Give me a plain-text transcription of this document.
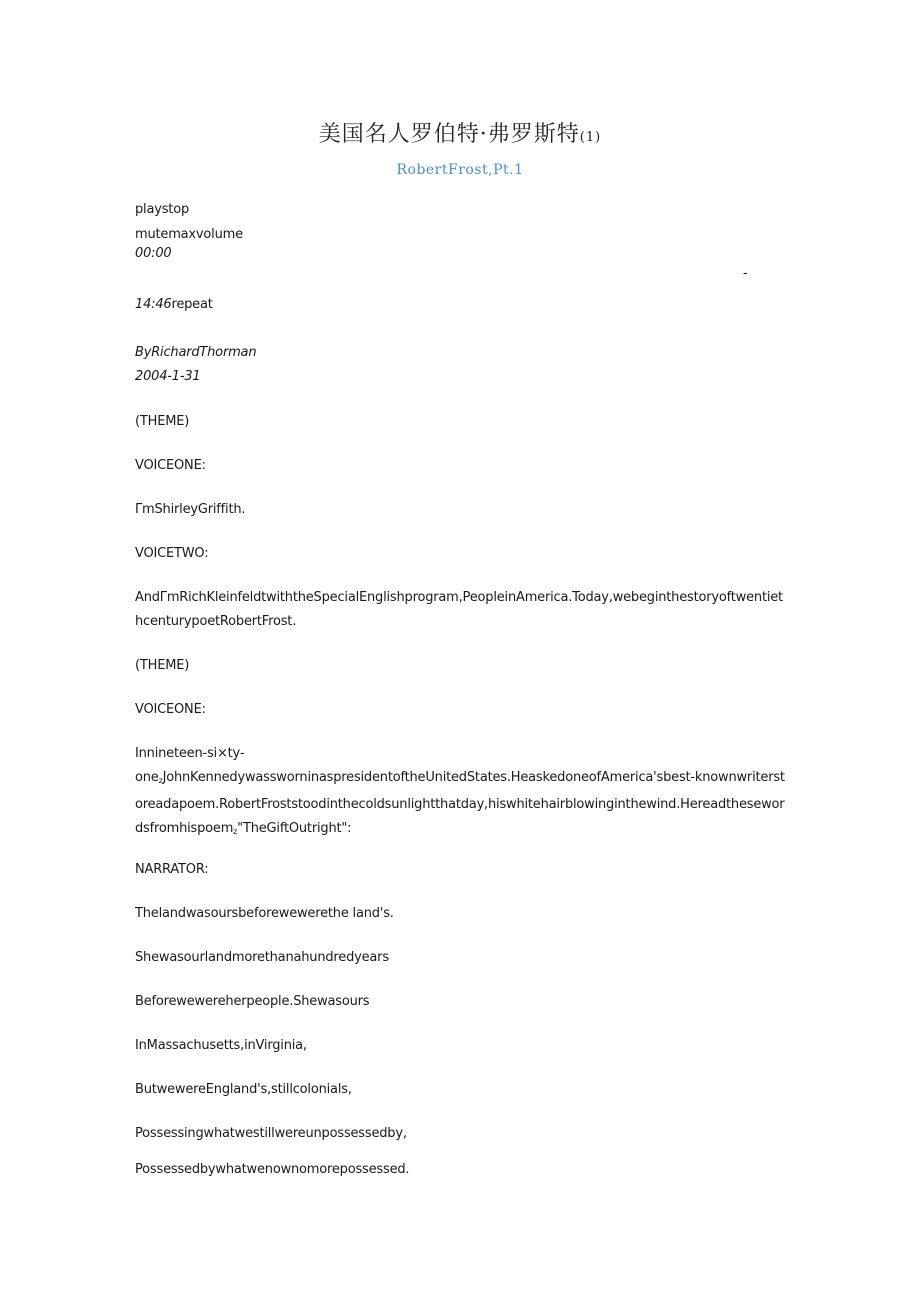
美国名人罗伯特·弗罗斯特(1)
RobertFrost,Pt.1
playstop
mutemaxvolume
00:00
-
14:46repeat
ByRichardThorman
2004-1-31
(THEME)
VOICEONE:
ΓmShirleyGriffith.
VOICETWO:
AndΓmRichKleinfeldtwiththeSpecialEnglishprogram,PeopleinAmerica.Today,webeginthestoryoftwentiethcenturypoetRobertFrost.
(THEME)
VOICEONE:
Innineteen-si×ty-
one$_z$JohnKennedywassworninaspresidentoftheUnitedStates.HeaskedoneofAmerica'sbest-knownwriterstoreadapoem.RobertFroststoodinthecoldsunlightthatday,hiswhitehairblowinginthewind.Hereadthesewordsfromhispoem$_z$"TheGiftOutright":
NARRATOR:
Thelandwasoursbeforewewerethe land's.
Shewasourlandmorethanahundredyears
Beforewewereherpeople.Shewasours
InMassachusetts,inVirginia,
ButwewereEngland's,stillcolonials,
Possessingwhatwestillwereunpossessedby,
Possessedbywhatwenownomorepossessed.
